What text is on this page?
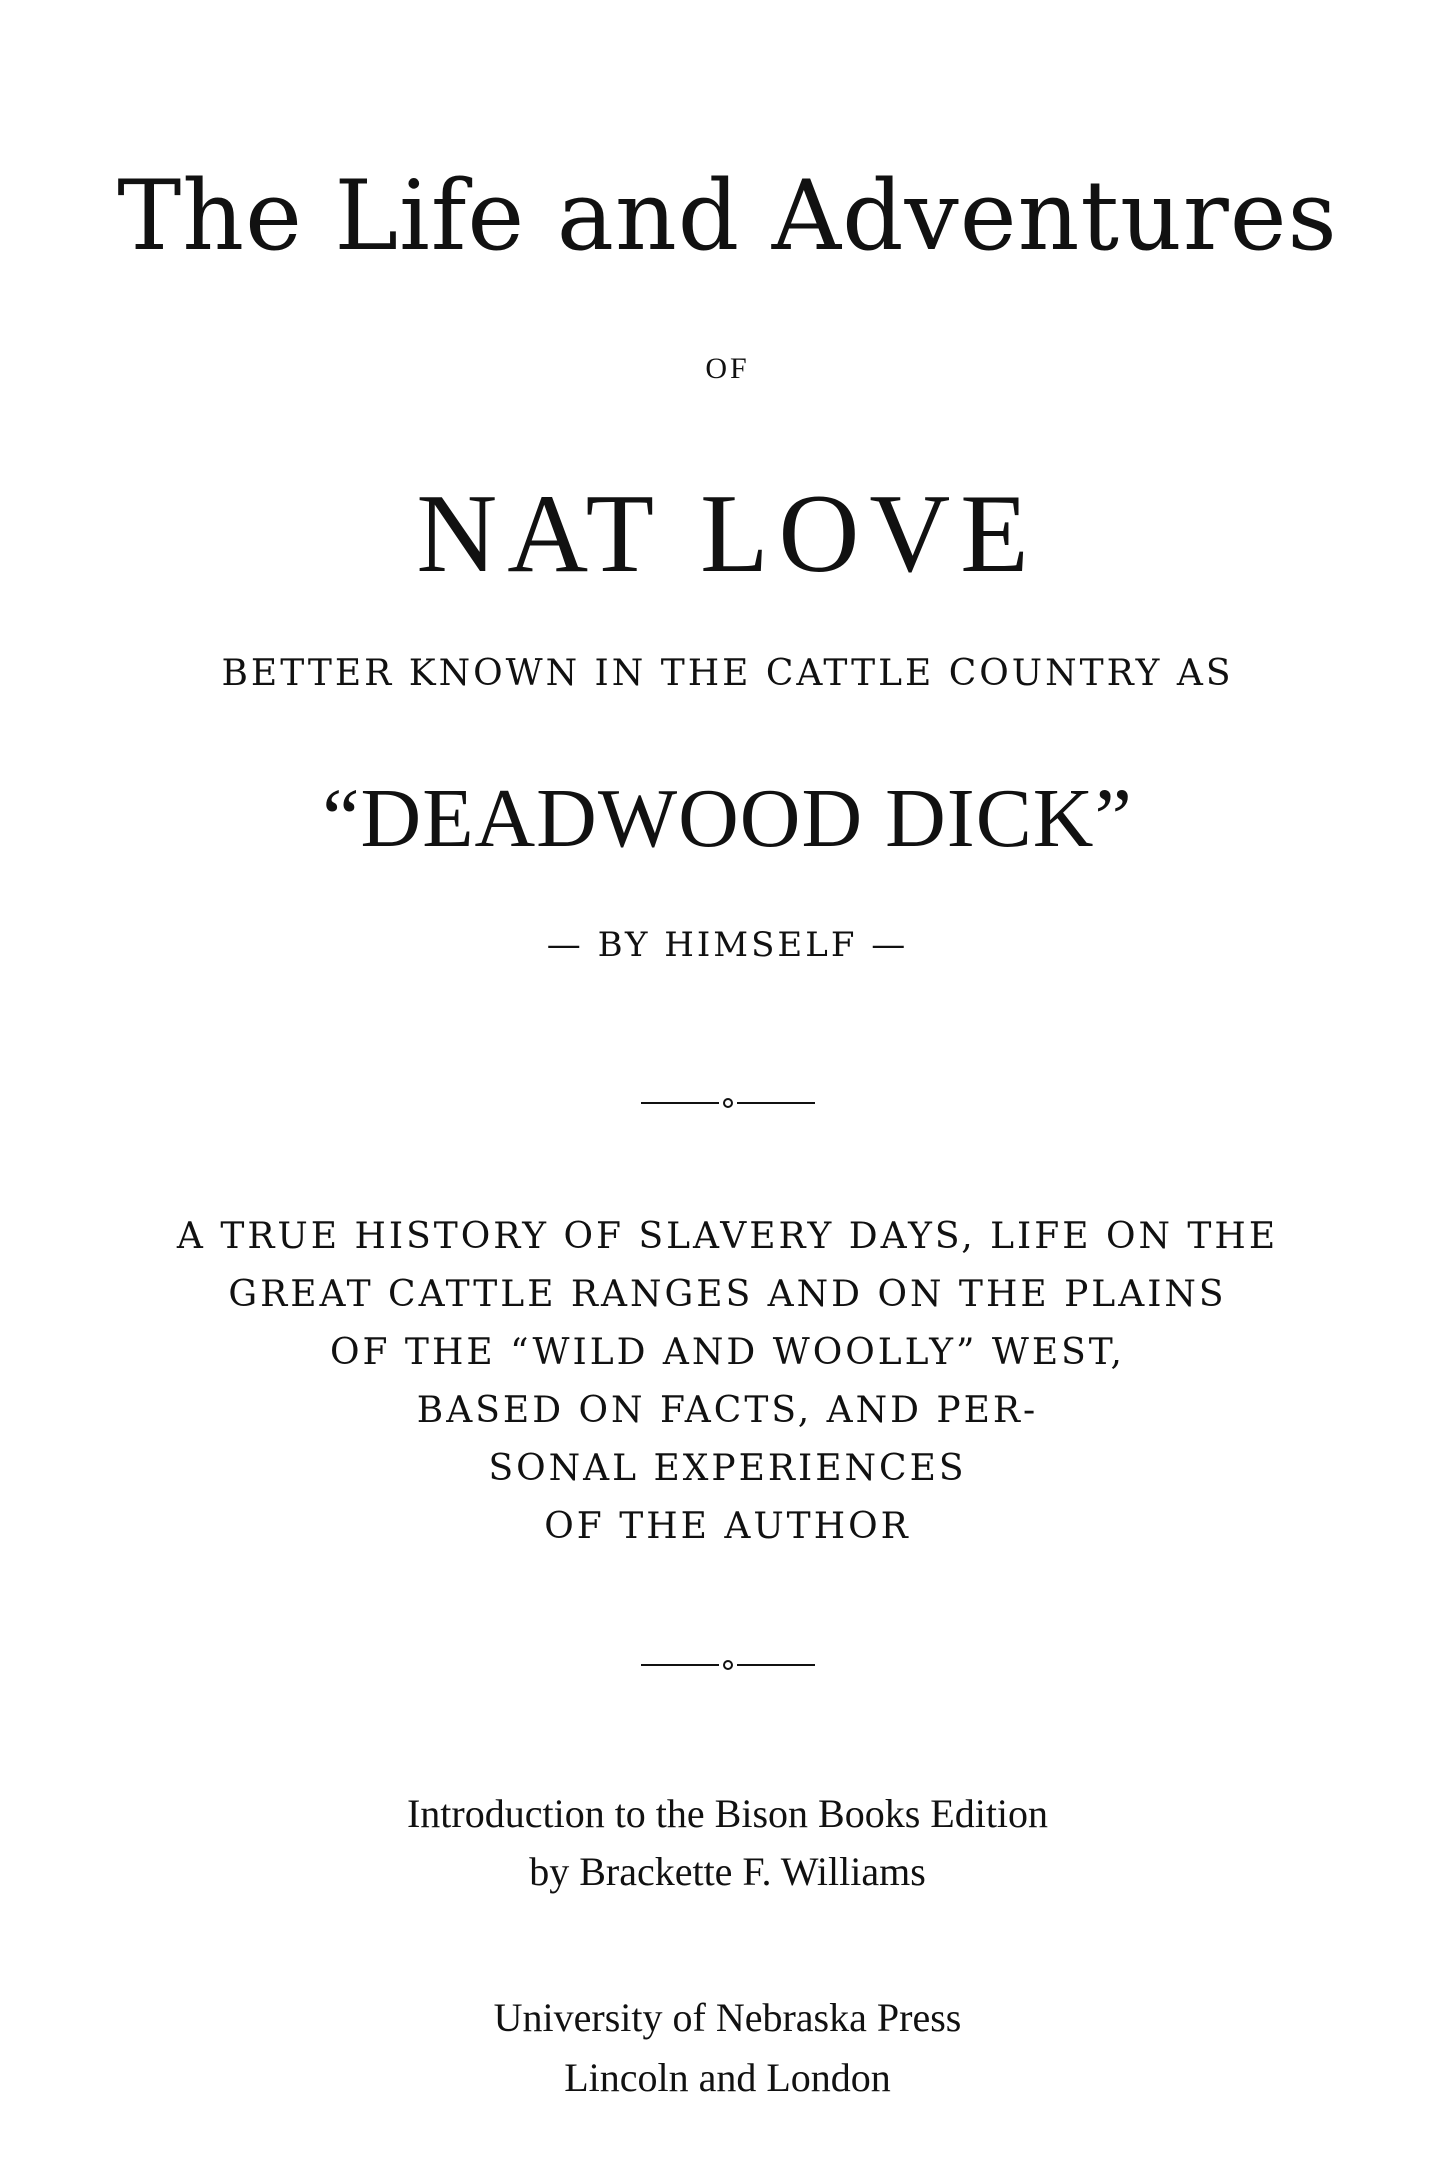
The Life and Adventures
OF
NAT LOVE
BETTER KNOWN IN THE CATTLE COUNTRY AS
“DEADWOOD DICK”
— BY HIMSELF —

A TRUE HISTORY OF SLAVERY DAYS, LIFE ON THE
GREAT CATTLE RANGES AND ON THE PLAINS
OF THE “WILD AND WOOLLY” WEST,
BASED ON FACTS, AND PER-
SONAL EXPERIENCES
OF THE AUTHOR

Introduction to the Bison Books Edition
by Brackette F. Williams

University of Nebraska Press
Lincoln and London
